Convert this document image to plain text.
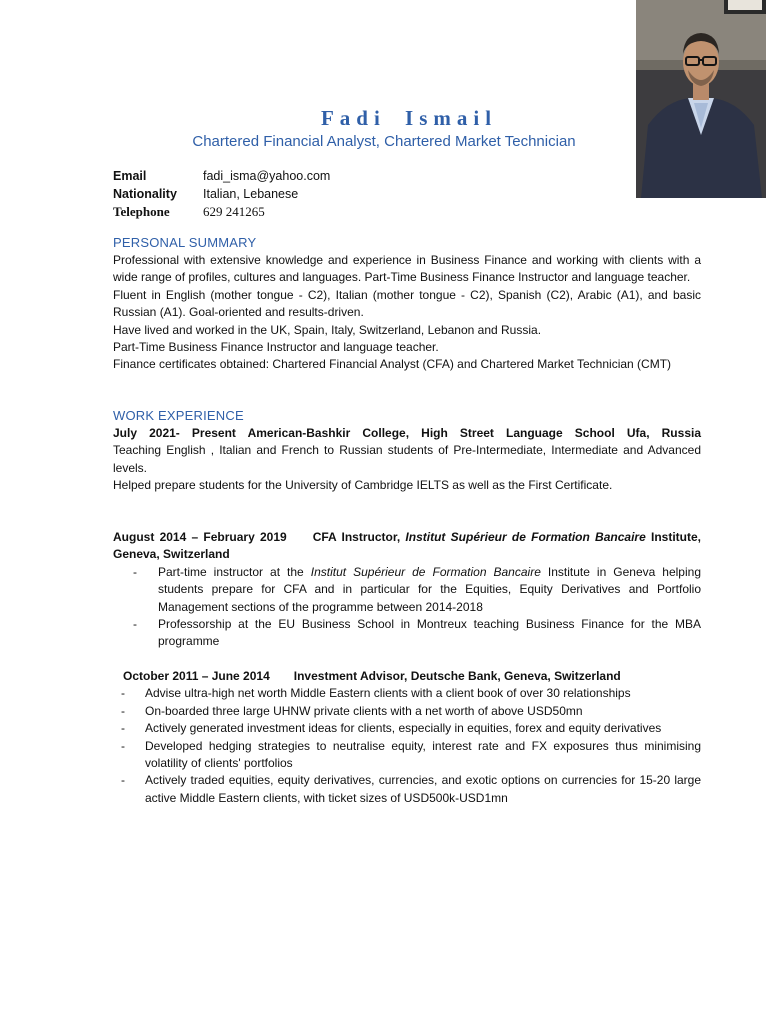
Fadi Ismail
Chartered Financial Analyst, Chartered Market Technician
Email	fadi_isma@yahoo.com
Nationality Italian, Lebanese
Telephone	629 241265
PERSONAL SUMMARY

Professional with extensive knowledge and experience in Business Finance and working with clients with a wide range of profiles, cultures and languages. Part-Time Business Finance Instructor and language teacher.

Fluent in English (mother tongue - C2), Italian (mother tongue - C2), Spanish (C2), Arabic (A1), and basic Russian (A1). Goal-oriented and results-driven.

Have lived and worked in the UK, Spain, Italy, Switzerland, Lebanon and Russia.

Part-Time Business Finance Instructor and language teacher.

Finance certificates obtained: Chartered Financial Analyst (CFA) and Chartered Market Technician (CMT)

WORK EXPERIENCE
July 2021- Present American-Bashkir College, High Street Language School Ufa, Russia

Teaching English , Italian and French to Russian students of Pre-Intermediate, Intermediate and Advanced levels.

Helped prepare students for the University of Cambridge IELTS as well as the First Certificate.

August 2014 – February 2019 CFA Instructor, Institut Supérieur de Formation Bancaire Institute, Geneva, Switzerland
- Part-time instructor at the Institut Supérieur de Formation Bancaire Institute in Geneva helping students prepare for CFA and in particular for the Equities, Equity Derivatives and Portfolio Management sections of the programme between 2014-2018
- Professorship at the EU Business School in Montreux teaching Business Finance for the MBA programme
October 2011 – June 2014 Investment Advisor, Deutsche Bank, Geneva, Switzerland
- Advise ultra-high net worth Middle Eastern clients with a client book of over 30 relationships
- On-boarded three large UHNW private clients with a net worth of above USD50mn
- Actively generated investment ideas for clients, especially in equities, forex and equity derivatives
- Developed hedging strategies to neutralise equity, interest rate and FX exposures thus minimising volatility of clients' portfolios
- Actively traded equities, equity derivatives, currencies, and exotic options on currencies for 15-20 large active Middle Eastern clients, with ticket sizes of USD500k-USD1mn
